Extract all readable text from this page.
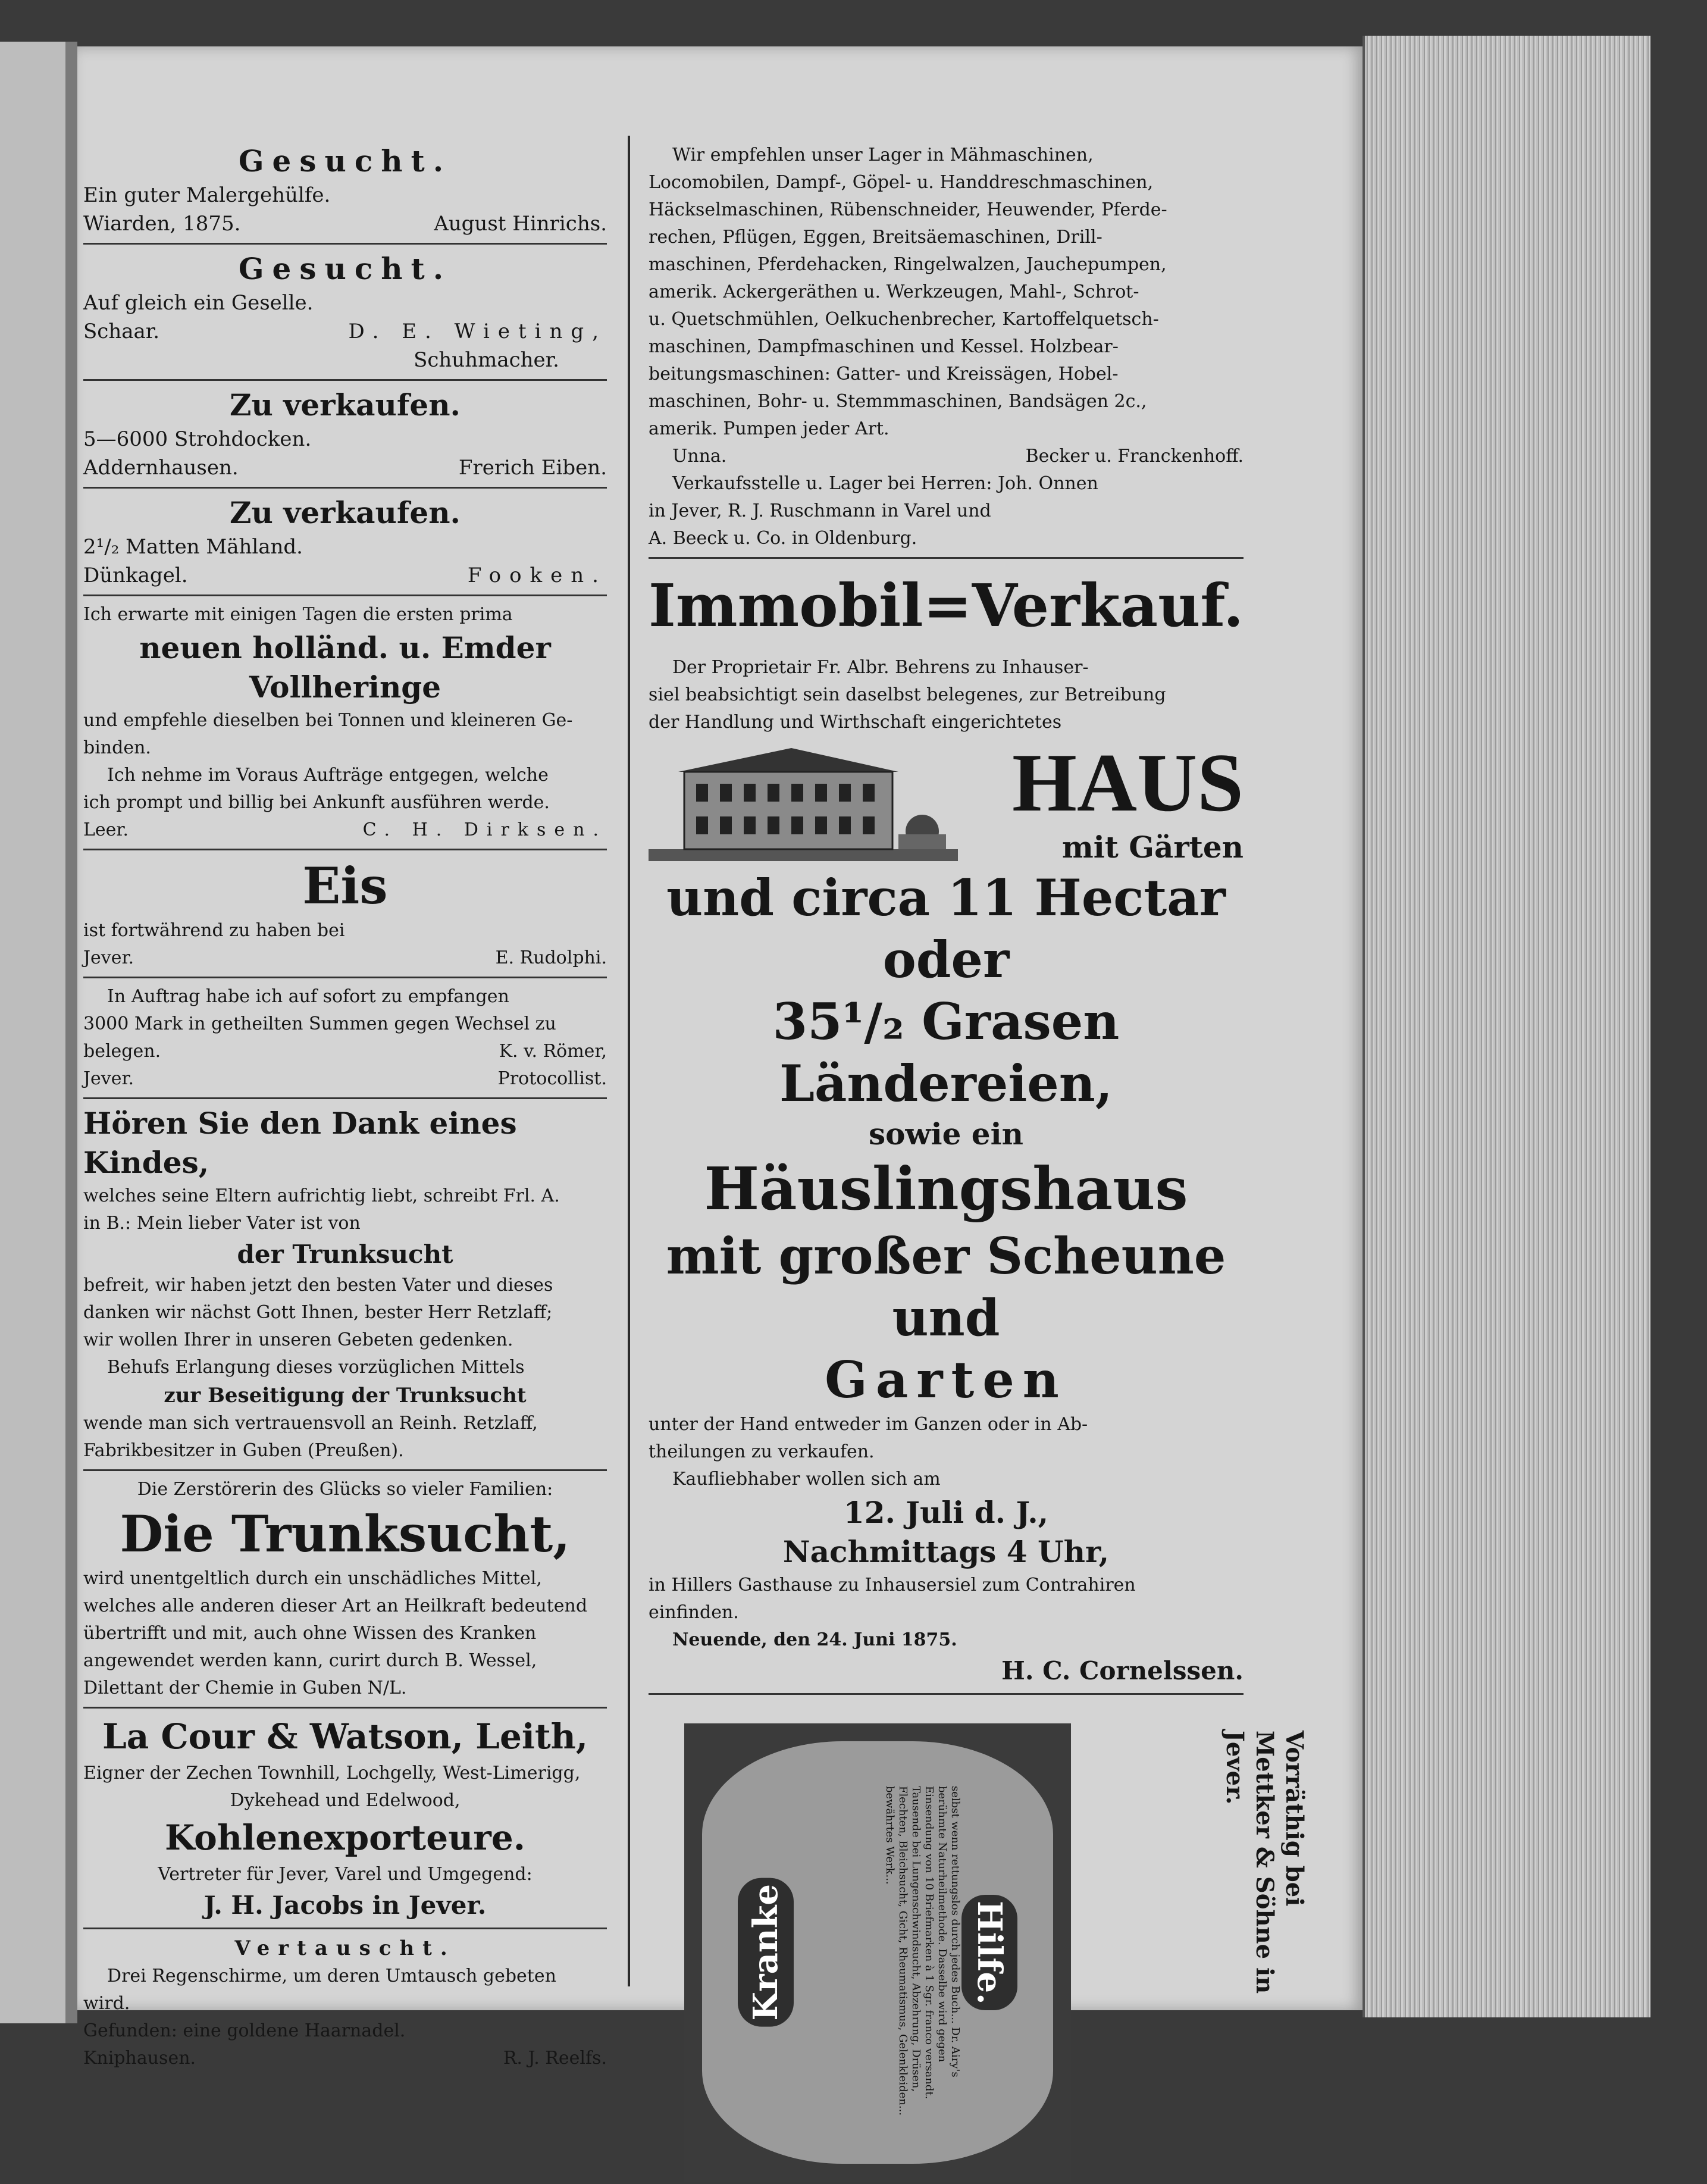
Gesucht.
Ein guter Malergehülfe.
Wiarden, 1875.	August Hinrichs.
Gesucht.
Auf gleich ein Geselle.
Schaar.	D. E. Wieting,
Schuhmacher.
Zu verkaufen.
5—6000 Strohdocken.
Addernhausen.	Frerich Eiben.
Zu verkaufen.
2¹/₂ Matten Mähland.
Dünkagel.	Fooken.
Ich erwarte mit einigen Tagen die ersten prima
neuen holländ. u. Emder Vollheringe
und empfehle dieselben bei Tonnen und kleineren Ge-
binden.
Ich nehme im Voraus Aufträge entgegen, welche
ich prompt und billig bei Ankunft ausführen werde.
Leer.	C. H. Dirksen.
Eis
ist fortwährend zu haben bei
Jever.	E. Rudolphi.
In Auftrag habe ich auf sofort zu empfangen
3000 Mark in getheilten Summen gegen Wechsel zu
belegen.	K. v. Römer,
Jever.	Protocollist.
Hören Sie den Dank eines Kindes,
welches seine Eltern aufrichtig liebt, schreibt Frl. A.
in B.: Mein lieber Vater ist von
der Trunksucht
befreit, wir haben jetzt den besten Vater und dieses
danken wir nächst Gott Ihnen, bester Herr Retzlaff;
wir wollen Ihrer in unseren Gebeten gedenken.
Behufs Erlangung dieses vorzüglichen Mittels
zur Beseitigung der Trunksucht
wende man sich vertrauensvoll an Reinh. Retzlaff,
Fabrikbesitzer in Guben (Preußen).
Die Zerstörerin des Glücks so vieler Familien:
Die Trunksucht,
wird unentgeltlich durch ein unschädliches Mittel,
welches alle anderen dieser Art an Heilkraft bedeutend
übertrifft und mit, auch ohne Wissen des Kranken
angewendet werden kann, curirt durch B. Wessel,
Dilettant der Chemie in Guben N/L.
La Cour & Watson, Leith,
Eigner der Zechen Townhill, Lochgelly, West-Limerigg,
Dykehead und Edelwood,
Kohlenexporteure.
Vertreter für Jever, Varel und Umgegend:
J. H. Jacobs in Jever.
Vertauscht.
Drei Regenschirme, um deren Umtausch gebeten
wird.
Gefunden: eine goldene Haarnadel.
Kniphausen.	R. J. Reelfs.
Wir empfehlen unser Lager in Mähmaschinen,
Locomobilen, Dampf-, Göpel- u. Handdreschmaschinen,
Häckselmaschinen, Rübenschneider, Heuwender, Pferde-
rechen, Pflügen, Eggen, Breitsäemaschinen, Drill-
maschinen, Pferdehacken, Ringelwalzen, Jauchepumpen,
amerik. Ackergeräthen u. Werkzeugen, Mahl-, Schrot-
u. Quetschmühlen, Oelkuchenbrecher, Kartoffelquetsch-
maschinen, Dampfmaschinen und Kessel. Holzbear-
beitungsmaschinen: Gatter- und Kreissägen, Hobel-
maschinen, Bohr- u. Stemmmaschinen, Bandsägen 2c.,
amerik. Pumpen jeder Art.
Unna.	Becker u. Franckenhoff.
Verkaufsstelle u. Lager bei Herren: Joh. Onnen
in Jever, R. J. Ruschmann in Varel und
A. Beeck u. Co. in Oldenburg.
Immobil=Verkauf.
Der Proprietair Fr. Albr. Behrens zu Inhauser-
siel beabsichtigt sein daselbst belegenes, zur Betreibung
der Handlung und Wirthschaft eingerichtetes
HAUS
mit Gärten
und circa 11 Hectar oder
35¹/₂ Grasen Ländereien,
sowie ein
Häuslingshaus
mit großer Scheune und
Garten
unter der Hand entweder im Ganzen oder in Ab-
theilungen zu verkaufen.
Kaufliebhaber wollen sich am
12. Juli d. J.,
Nachmittags 4 Uhr,
in Hillers Gasthause zu Inhausersiel zum Contrahiren
einfinden.
Neuende, den 24. Juni 1875.
H. C. Cornelssen.
Kranke	selbst wenn rettungslos durch jedes Buch... Dr. Airy's berühmte Naturheilmethode. Dasselbe wird gegen Einsendung von 10 Briefmarken à 1 Sgr. franco versandt. Tausende bei Lungenschwindsucht, Abzehrung, Drüsen, Flechten, Bleichsucht, Gicht, Rheumatismus, Gelenkleiden... bewährtes Werk...
Hilfe.
Vorräthig bei Mettker & Söhne in Jever.
